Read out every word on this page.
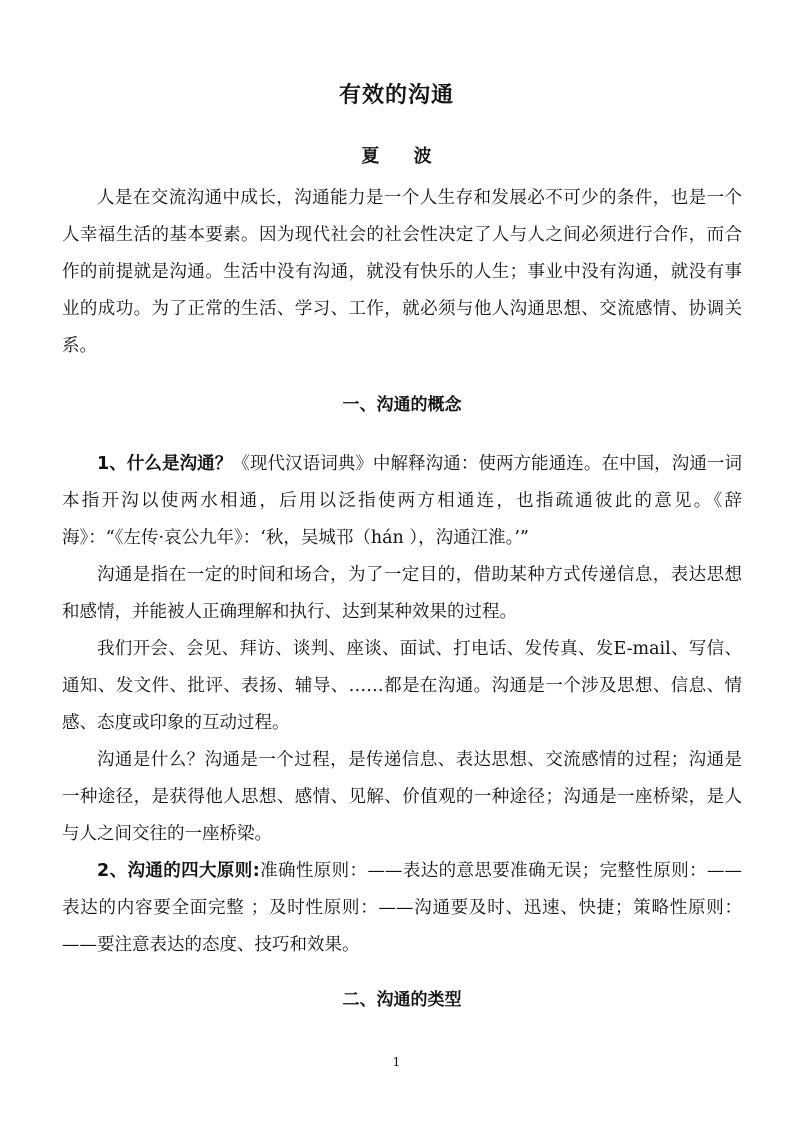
有效的沟通
夏 波

人是在交流沟通中成长，沟通能力是一个人生存和发展必不可少的条件，也是一个人幸福生活的基本要素。因为现代社会的社会性决定了人与人之间必须进行合作，而合作的前提就是沟通。生活中没有沟通，就没有快乐的人生；事业中没有沟通，就没有事业的成功。为了正常的生活、学习、工作，就必须与他人沟通思想、交流感情、协调关系。

一、沟通的概念

1、什么是沟通？《现代汉语词典》中解释沟通：使两方能通连。在中国，沟通一词本指开沟以使两水相通，后用以泛指使两方相通连，也指疏通彼此的意见。《辞海》：“《左传·哀公九年》：‘秋，吴城邗（hán ），沟通江淮。’”

沟通是指在一定的时间和场合，为了一定目的，借助某种方式传递信息，表达思想和感情，并能被人正确理解和执行、达到某种效果的过程。

我们开会、会见、拜访、谈判、座谈、面试、打电话、发传真、发E-mail、写信、通知、发文件、批评、表扬、辅导、……都是在沟通。沟通是一个涉及思想、信息、情感、态度或印象的互动过程。

沟通是什么？沟通是一个过程，是传递信息、表达思想、交流感情的过程；沟通是一种途径，是获得他人思想、感情、见解、价值观的一种途径；沟通是一座桥梁，是人与人之间交往的一座桥梁。

2、沟通的四大原则:准确性原则：——表达的意思要准确无误；完整性原则：——表达的内容要全面完整 ；及时性原则：——沟通要及时、迅速、快捷；策略性原则：——要注意表达的态度、技巧和效果。

二、沟通的类型

1
